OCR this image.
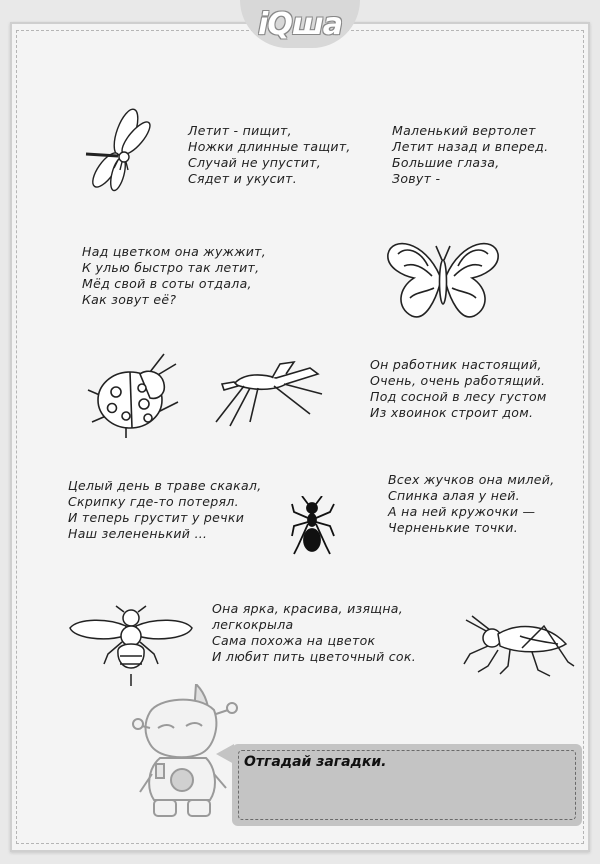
iQша
Летит - пищит,
Ножки длинные тащит,
Случай не упустит,
Сядет и укусит.
Маленький вертолет
Летит назад и вперед.
Большие глаза,
Зовут -
Над цветком она жужжит,
К улью быстро так летит,
Мёд свой в соты отдала,
Как зовут её?
Он работник настоящий,
Очень, очень работящий.
Под сосной в лесу густом
Из хвоинок строит дом.
Целый день в траве скакал,
Скрипку где-то потерял.
И теперь грустит у речки
Наш зелененький …
Всех жучков она милей,
Спинка алая у ней.
А на ней кружочки —
Черненькие точки.
Она ярка, красива, изящна,
легкокрыла
Сама похожа на цветок
И любит пить цветочный сок.
Отгадай загадки.
